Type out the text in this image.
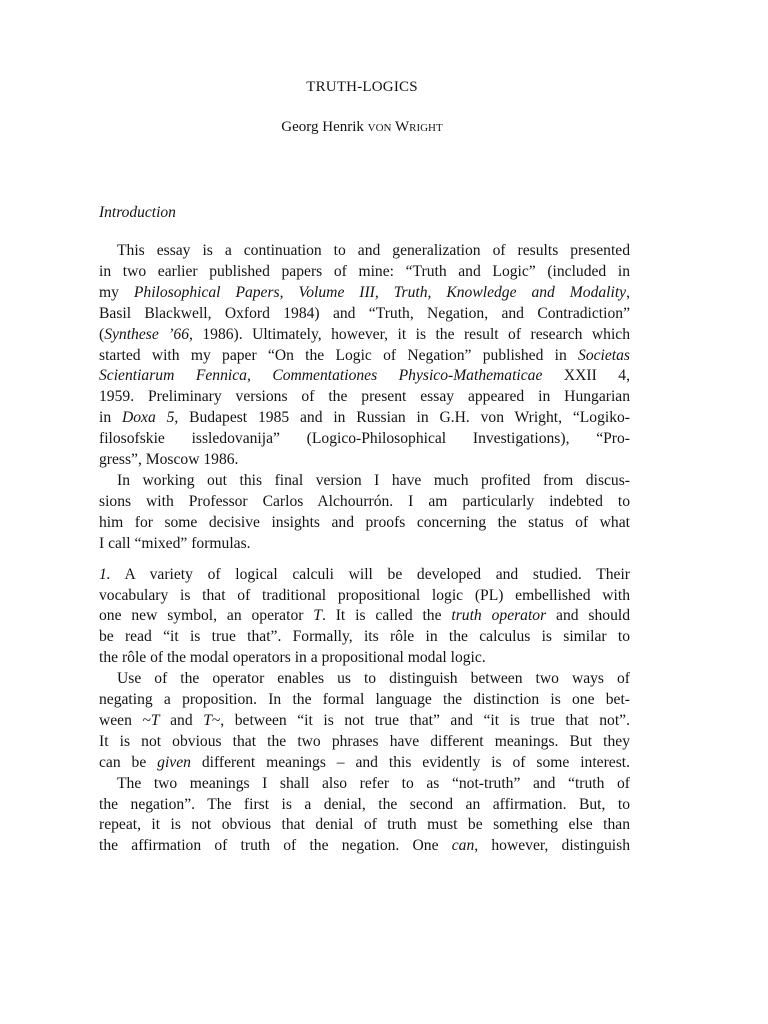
TRUTH-LOGICS
Georg Henrik von Wright
Introduction
This essay is a continuation to and generalization of results presented
in two earlier published papers of mine: “Truth and Logic” (included in
my Philosophical Papers, Volume III, Truth, Knowledge and Modality,
Basil Blackwell, Oxford 1984) and “Truth, Negation, and Contradiction”
(Synthese ’66, 1986). Ultimately, however, it is the result of research which
started with my paper “On the Logic of Negation” published in Societas
Scientiarum Fennica, Commentationes Physico-Mathematicae XXII 4,
1959. Preliminary versions of the present essay appeared in Hungarian
in Doxa 5, Budapest 1985 and in Russian in G.H. von Wright, “Logiko-
filosofskie issledovanija” (Logico-Philosophical Investigations), “Pro-
gress”, Moscow 1986.
In working out this final version I have much profited from discus-
sions with Professor Carlos Alchourrón. I am particularly indebted to
him for some decisive insights and proofs concerning the status of what
I call “mixed” formulas.
1. A variety of logical calculi will be developed and studied. Their
vocabulary is that of traditional propositional logic (PL) embellished with
one new symbol, an operator T. It is called the truth operator and should
be read “it is true that”. Formally, its rôle in the calculus is similar to
the rôle of the modal operators in a propositional modal logic.
Use of the operator enables us to distinguish between two ways of
negating a proposition. In the formal language the distinction is one bet-
ween ~T and T~, between “it is not true that” and “it is true that not”.
It is not obvious that the two phrases have different meanings. But they
can be given different meanings – and this evidently is of some interest.
The two meanings I shall also refer to as “not-truth” and “truth of
the negation”. The first is a denial, the second an affirmation. But, to
repeat, it is not obvious that denial of truth must be something else than
the affirmation of truth of the negation. One can, however, distinguish
